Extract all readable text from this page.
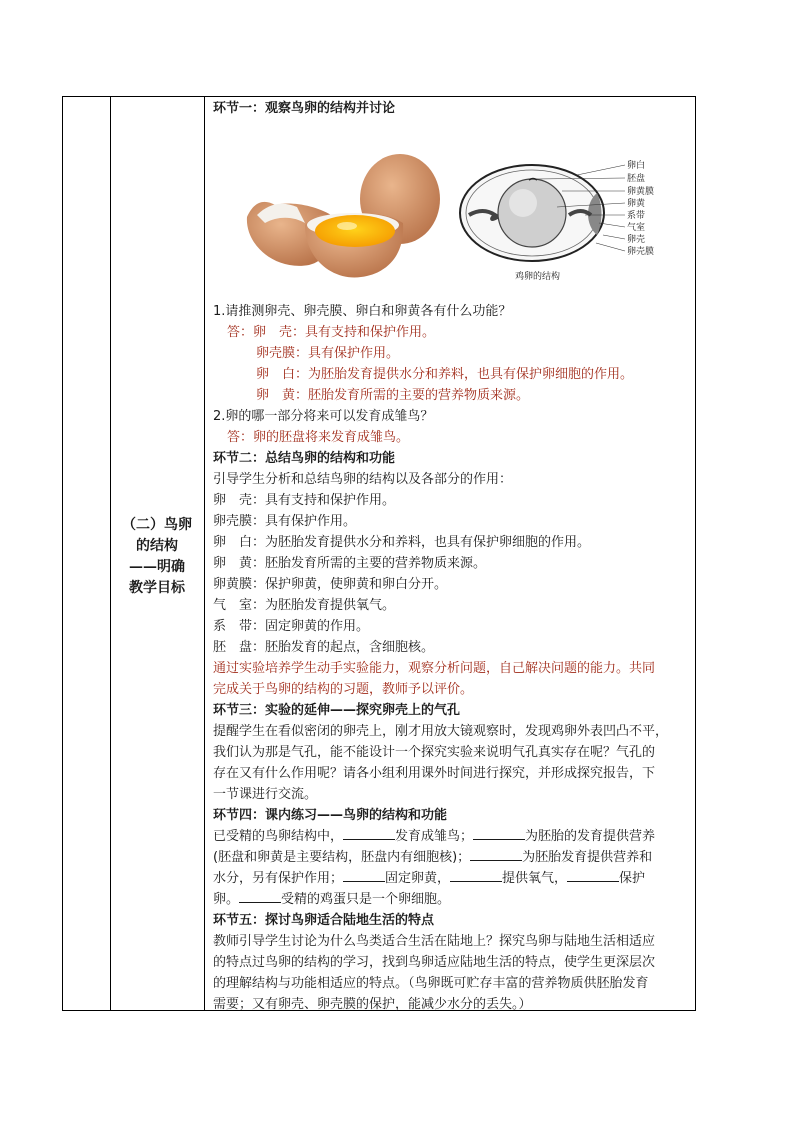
（二）鸟卵
的结构
——明确
教学目标
环节一：观察鸟卵的结构并讨论
卵白
胚盘
卵黄膜
卵黄
系带
气室
卵壳
卵壳膜
鸡卵的结构
1.请推测卵壳、卵壳膜、卵白和卵黄各有什么功能？
答：卵　壳：具有支持和保护作用。
卵壳膜：具有保护作用。
卵　白：为胚胎发育提供水分和养料，也具有保护卵细胞的作用。
卵　黄：胚胎发育所需的主要的营养物质来源。
2.卵的哪一部分将来可以发育成雏鸟？
答：卵的胚盘将来发育成雏鸟。
环节二：总结鸟卵的结构和功能
引导学生分析和总结鸟卵的结构以及各部分的作用：
卵　壳：具有支持和保护作用。
卵壳膜：具有保护作用。
卵　白：为胚胎发育提供水分和养料，也具有保护卵细胞的作用。
卵　黄：胚胎发育所需的主要的营养物质来源。
卵黄膜：保护卵黄，使卵黄和卵白分开。
气　室：为胚胎发育提供氧气。
系　带：固定卵黄的作用。
胚　盘：胚胎发育的起点，含细胞核。
通过实验培养学生动手实验能力，观察分析问题，自己解决问题的能力。共同
完成关于鸟卵的结构的习题，教师予以评价。
环节三：实验的延伸——探究卵壳上的气孔
提醒学生在看似密闭的卵壳上，刚才用放大镜观察时，发现鸡卵外表凹凸不平，
我们认为那是气孔，能不能设计一个探究实验来说明气孔真实存在呢？气孔的
存在又有什么作用呢？请各小组利用课外时间进行探究，并形成探究报告，下
一节课进行交流。
环节四：课内练习——鸟卵的结构和功能
已受精的鸟卵结构中，	发育成雏鸟；	为胚胎的发育提供营养
(胚盘和卵黄是主要结构，胚盘内有细胞核)；	为胚胎发育提供营养和
水分，另有保护作用；	固定卵黄，	提供氧气，	保护
卵。	受精的鸡蛋只是一个卵细胞。
环节五：探讨鸟卵适合陆地生活的特点
教师引导学生讨论为什么鸟类适合生活在陆地上？探究鸟卵与陆地生活相适应
的特点过鸟卵的结构的学习，找到鸟卵适应陆地生活的特点，使学生更深层次
的理解结构与功能相适应的特点。（鸟卵既可贮存丰富的营养物质供胚胎发育
需要；又有卵壳、卵壳膜的保护，能减少水分的丢失。）
